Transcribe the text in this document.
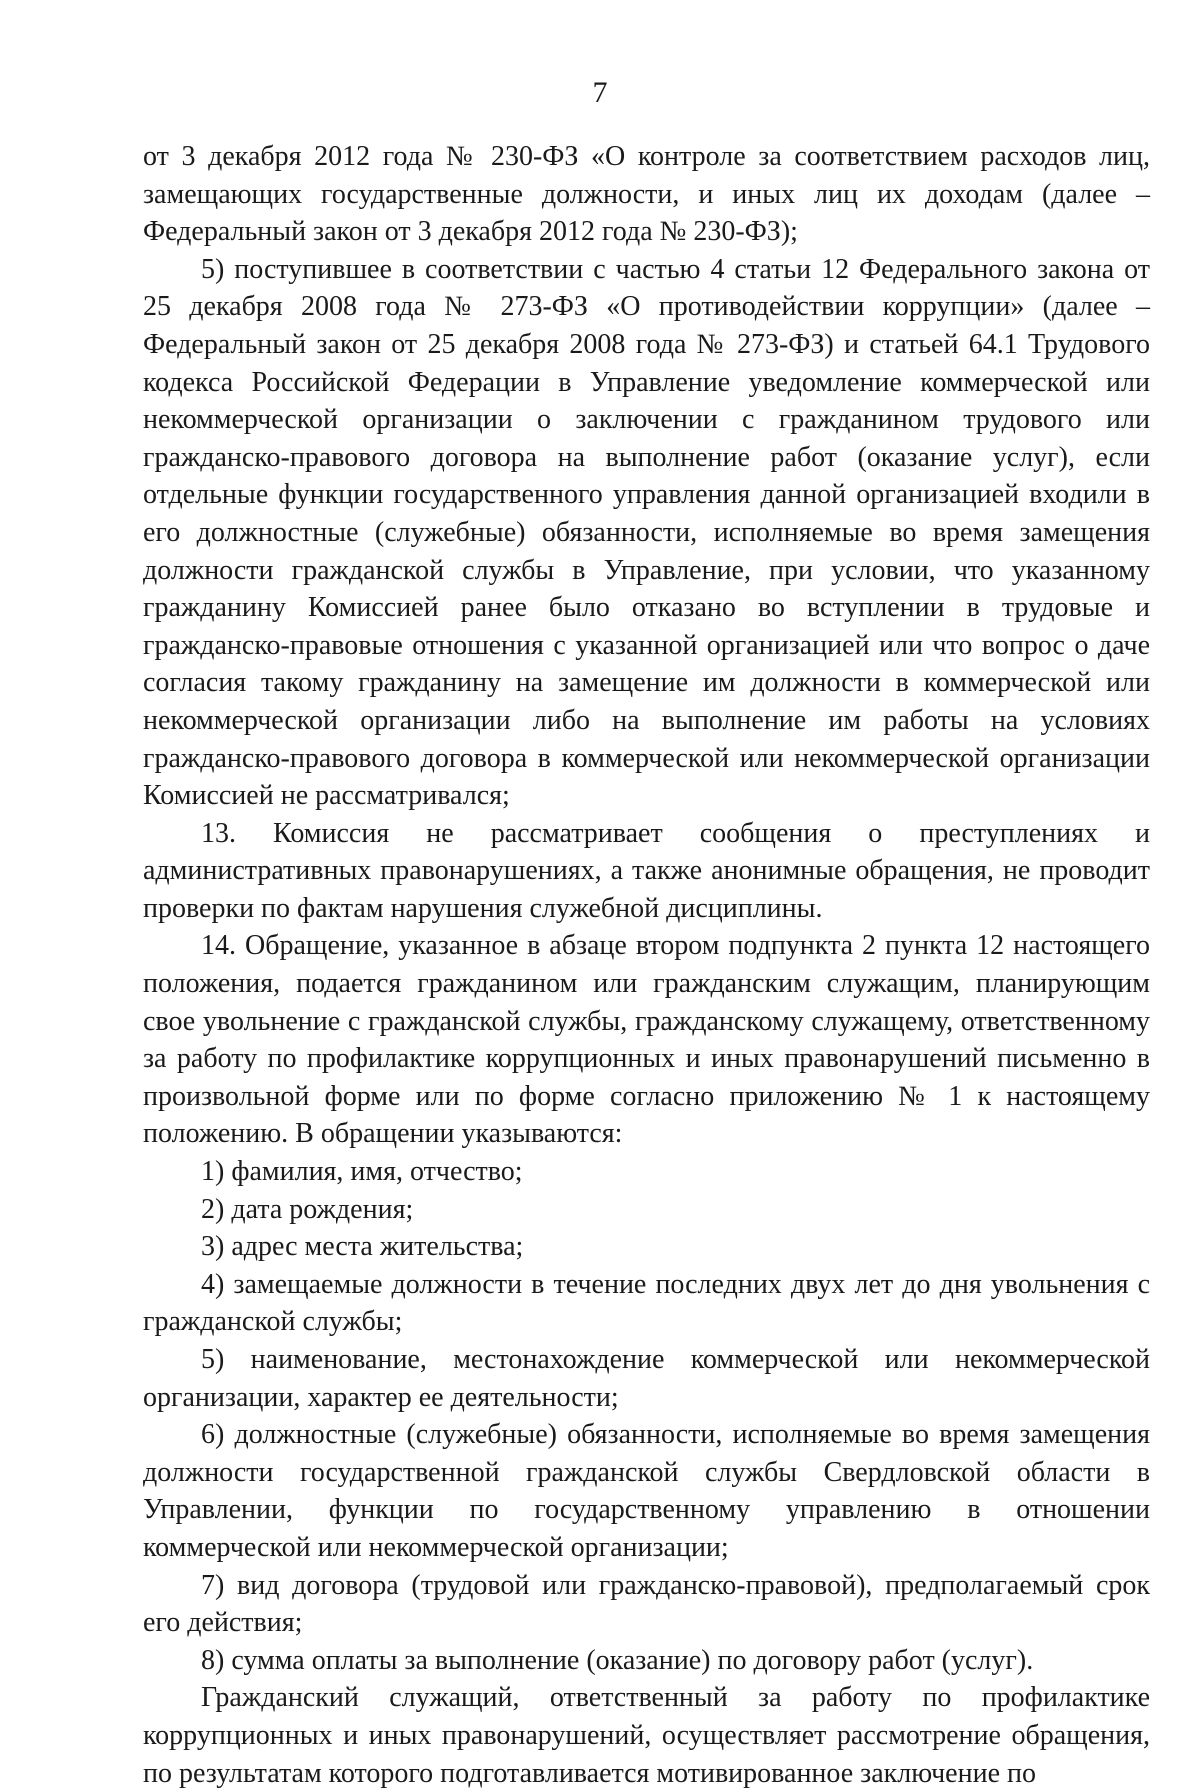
7

от 3 декабря 2012 года № 230-ФЗ «О контроле за соответствием расходов лиц, замещающих государственные должности, и иных лиц их доходам (далее – Федеральный закон от 3 декабря 2012 года № 230-ФЗ);

5) поступившее в соответствии с частью 4 статьи 12 Федерального закона от 25 декабря 2008 года № 273-ФЗ «О противодействии коррупции» (далее – Федеральный закон от 25 декабря 2008 года № 273-ФЗ) и статьей 64.1 Трудового кодекса Российской Федерации в Управление уведомление коммерческой или некоммерческой организации о заключении с гражданином трудового или гражданско-правового договора на выполнение работ (оказание услуг), если отдельные функции государственного управления данной организацией входили в его должностные (служебные) обязанности, исполняемые во время замещения должности гражданской службы в Управление, при условии, что указанному гражданину Комиссией ранее было отказано во вступлении в трудовые и гражданско-правовые отношения с указанной организацией или что вопрос о даче согласия такому гражданину на замещение им должности в коммерческой или некоммерческой организации либо на выполнение им работы на условиях гражданско-правового договора в коммерческой или некоммерческой организации Комиссией не рассматривался;

13. Комиссия не рассматривает сообщения о преступлениях и административных правонарушениях, а также анонимные обращения, не проводит проверки по фактам нарушения служебной дисциплины.

14. Обращение, указанное в абзаце втором подпункта 2 пункта 12 настоящего положения, подается гражданином или гражданским служащим, планирующим свое увольнение с гражданской службы, гражданскому служащему, ответственному за работу по профилактике коррупционных и иных правонарушений письменно в произвольной форме или по форме согласно приложению № 1 к настоящему положению. В обращении указываются:

1) фамилия, имя, отчество;

2) дата рождения;

3) адрес места жительства;

4) замещаемые должности в течение последних двух лет до дня увольнения с гражданской службы;

5) наименование, местонахождение коммерческой или некоммерческой организации, характер ее деятельности;

6) должностные (служебные) обязанности, исполняемые во время замещения должности государственной гражданской службы Свердловской области в Управлении, функции по государственному управлению в отношении коммерческой или некоммерческой организации;

7) вид договора (трудовой или гражданско-правовой), предполагаемый срок его действия;

8) сумма оплаты за выполнение (оказание) по договору работ (услуг).

Гражданский служащий, ответственный за работу по профилактике коррупционных и иных правонарушений, осуществляет рассмотрение обращения, по результатам которого подготавливается мотивированное заключение по
